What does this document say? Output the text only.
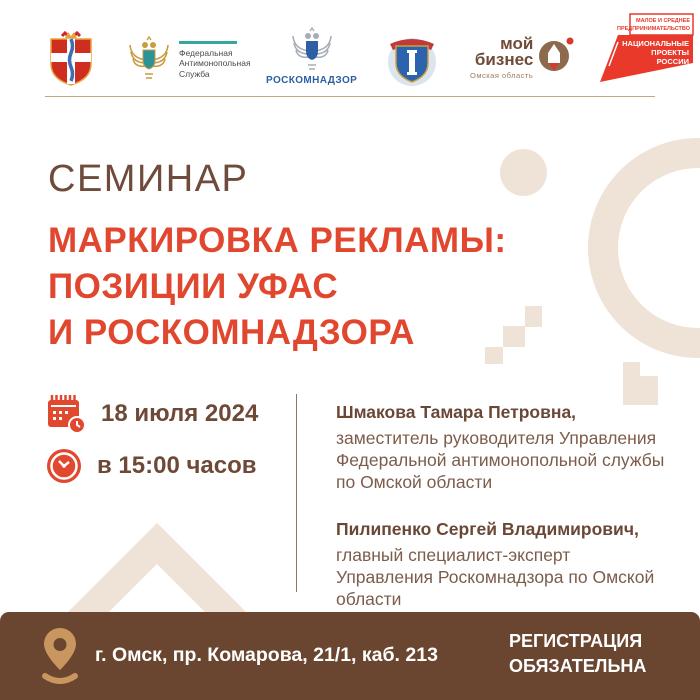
Федеральная
Антимонопольная
Служба
РОСКОМНАДЗОР
мой
бизнес
Омская область
МАЛОЕ И СРЕДНЕЕ
ПРЕДПРИНИМАТЕЛЬСТВО
НАЦИОНАЛЬНЫЕ
ПРОЕКТЫ
РОССИИ
СЕМИНАР
МАРКИРОВКА РЕКЛАМЫ:
ПОЗИЦИИ УФАС
И РОСКОМНАДЗОРА
18 июля 2024
в 15:00 часов
Шмакова Тамара Петровна,
заместитель руководителя Управления Федеральной антимонопольной службы по Омской области
Пилипенко Сергей Владимирович,
главный специалист-эксперт Управления Роскомнадзора по Омской области
г. Омск, пр. Комарова, 21/1, каб. 213
РЕГИСТРАЦИЯ
ОБЯЗАТЕЛЬНА
